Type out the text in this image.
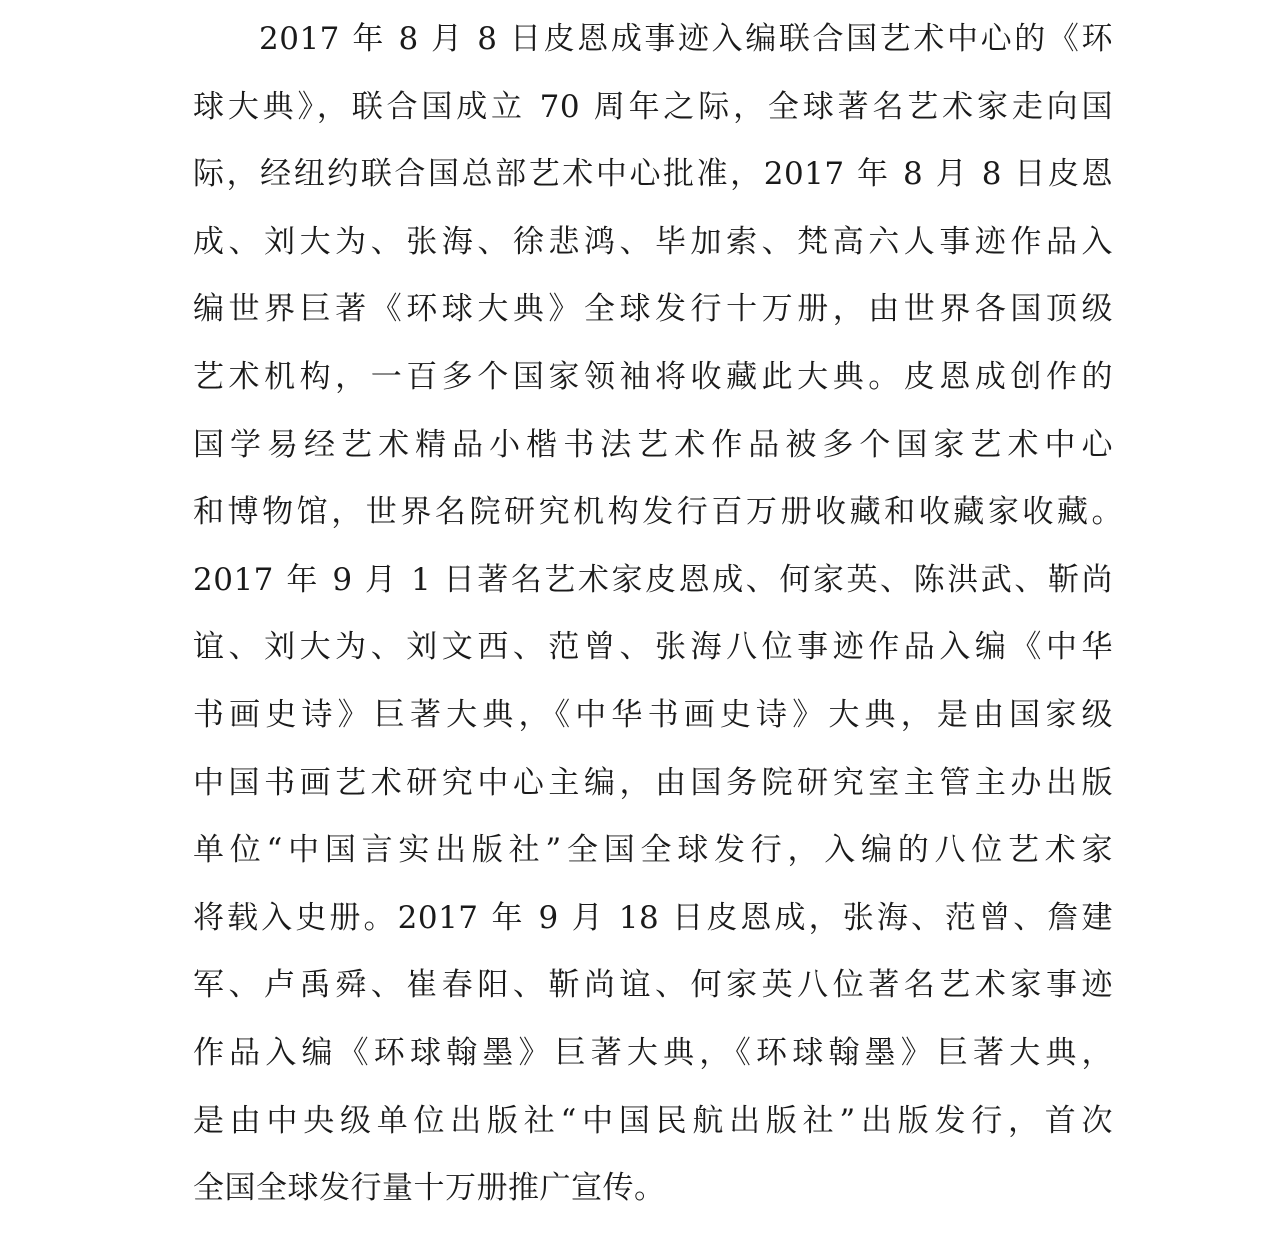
2017 年 8 月 8 日皮恩成事迹入编联合国艺术中心的《环
球大典》，联合国成立 70 周年之际，全球著名艺术家走向国
际，经纽约联合国总部艺术中心批准，2017 年 8 月 8 日皮恩
成、刘大为、张海、徐悲鸿、毕加索、梵高六人事迹作品入
编世界巨著《环球大典》全球发行十万册，由世界各国顶级
艺术机构，一百多个国家领袖将收藏此大典。皮恩成创作的
国学易经艺术精品小楷书法艺术作品被多个国家艺术中心
和博物馆，世界名院研究机构发行百万册收藏和收藏家收藏。
2017 年 9 月 1 日著名艺术家皮恩成、何家英、陈洪武、靳尚
谊、刘大为、刘文西、范曾、张海八位事迹作品入编《中华
书画史诗》巨著大典，《中华书画史诗》大典，是由国家级
中国书画艺术研究中心主编，由国务院研究室主管主办出版
单位“中国言实出版社”全国全球发行，入编的八位艺术家
将载入史册。2017 年 9 月 18 日皮恩成，张海、范曾、詹建
军、卢禹舜、崔春阳、靳尚谊、何家英八位著名艺术家事迹
作品入编《环球翰墨》巨著大典，《环球翰墨》巨著大典，
是由中央级单位出版社“中国民航出版社”出版发行，首次
全国全球发行量十万册推广宣传。
